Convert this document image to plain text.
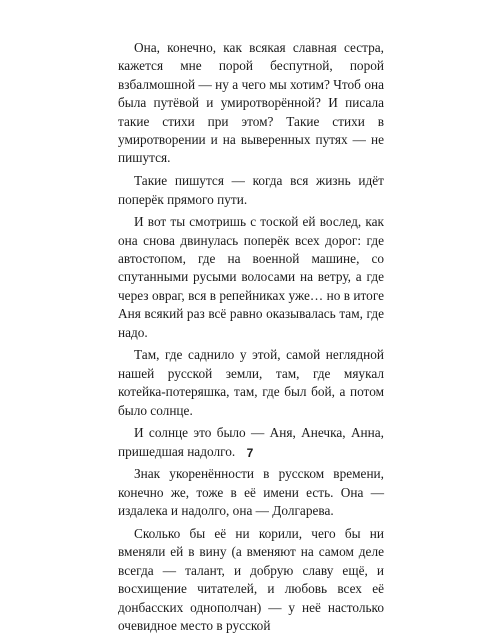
Она, конечно, как всякая славная сестра, кажется мне порой беспутной, порой взбалмошной — ну а чего мы хотим? Чтоб она была путёвой и умиротворённой? И писала такие стихи при этом? Такие стихи в умиротворении и на выверенных путях — не пишутся.

Такие пишутся — когда вся жизнь идёт поперёк прямого пути.

И вот ты смотришь с тоской ей вослед, как она снова двинулась поперёк всех дорог: где автостопом, где на военной машине, со спутанными русыми волосами на ветру, а где через овраг, вся в репейниках уже… но в итоге Аня всякий раз всё равно оказывалась там, где надо.

Там, где саднило у этой, самой неглядной нашей русской земли, там, где мяукал котейка-потеряшка, там, где был бой, а потом было солнце.

И солнце это было — Аня, Анечка, Анна, пришедшая надолго.

Знак укоренённости в русском времени, конечно же, тоже в её имени есть. Она — издалека и надолго, она — Долгарева.

Сколько бы её ни корили, чего бы ни вменяли ей в вину (а вменяют на самом деле всегда — талант, и добрую славу ещё, и восхищение читателей, и любовь всех её донбасских однополчан) — у неё настолько очевидное место в русской

7
